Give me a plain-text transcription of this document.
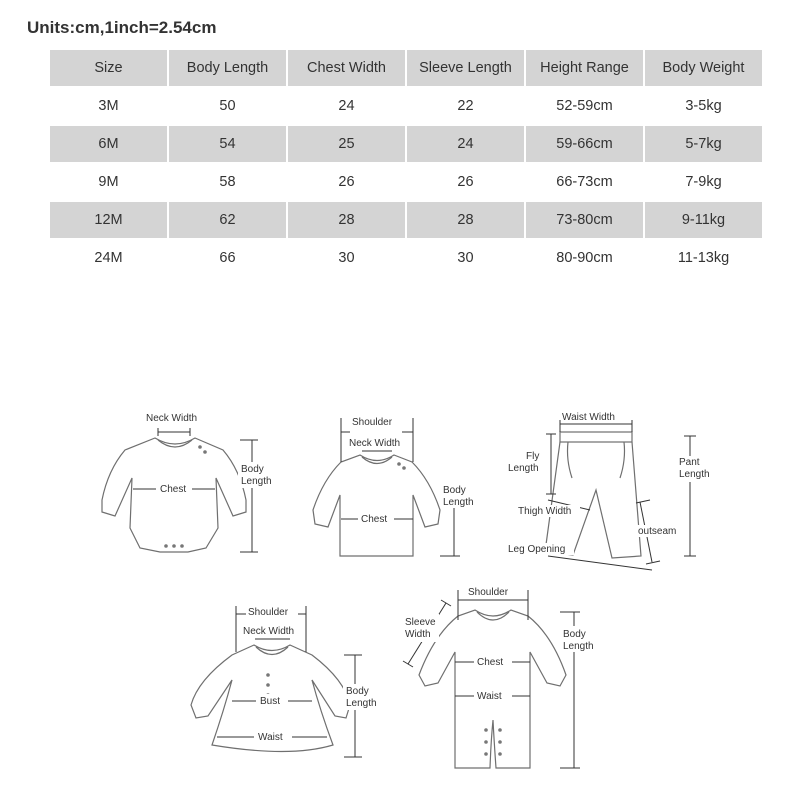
Units:cm,1inch=2.54cm
Size	Body Length	Chest Width	Sleeve Length	Height Range	Body Weight
3M	50	24	22	52-59cm	3-5kg
6M	54	25	24	59-66cm	5-7kg
9M	58	26	26	66-73cm	7-9kg
12M	62	28	28	73-80cm	9-11kg
24M	66	30	30	80-90cm	11-13kg
Neck Width
Chest
Body
Length
Shoulder
Neck Width
Chest
Body
Length
Waist Width
Fly
Length
Pant
Length
Thigh Width
outseam
Leg Opening
Shoulder
Neck Width
Bust
Waist
Body
Length
Shoulder
Sleeve
Width
Chest
Waist
Body
Length
